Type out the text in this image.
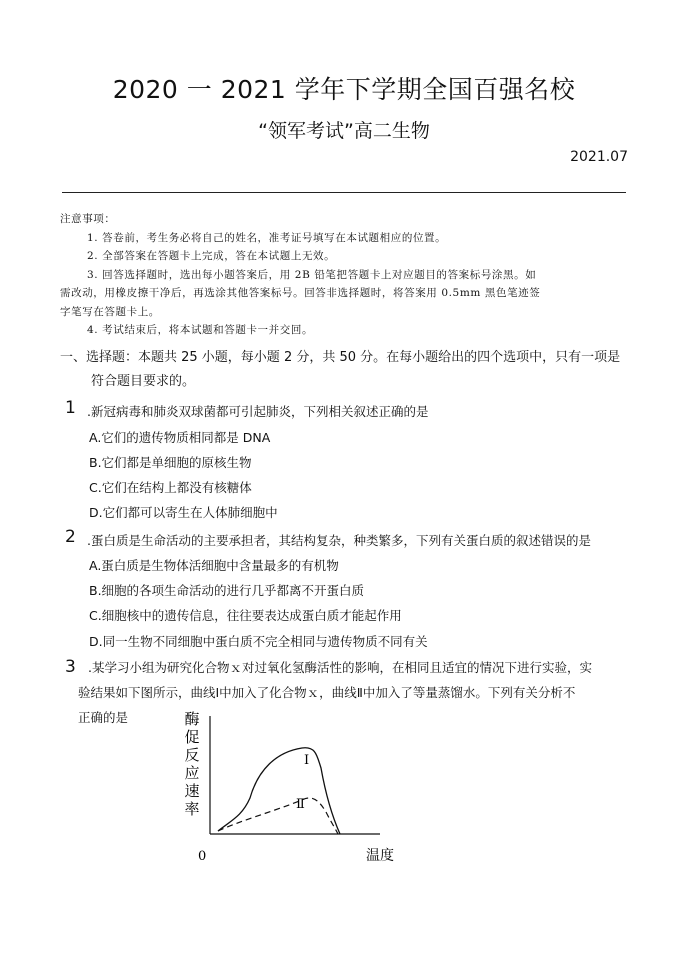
2020 一 2021 学年下学期全国百强名校
“领军考试”高二生物
2021.07
注意事项：
1. 答卷前，考生务必将自己的姓名，准考证号填写在本试题相应的位置。
2. 全部答案在答题卡上完成，答在本试题上无效。
3. 回答选择题时，选出每小题答案后，用 2B 铅笔把答题卡上对应题目的答案标号涂黑。如
需改动，用橡皮擦干净后，再选涂其他答案标号。回答非选择题时，将答案用 0.5mm 黑色笔迹签
字笔写在答题卡上。
4. 考试结束后，将本试题和答题卡一并交回。
一、选择题：本题共 25 小题，每小题 2 分，共 50 分。在每小题给出的四个选项中，只有一项是
符合题目要求的。
1 .新冠病毒和肺炎双球菌都可引起肺炎，下列相关叙述正确的是
A.它们的遗传物质相同都是 DNA
B.它们都是单细胞的原核生物
C.它们在结构上都没有核糖体
D.它们都可以寄生在人体肺细胞中
2 .蛋白质是生命活动的主要承担者，其结构复杂，种类繁多，下列有关蛋白质的叙述错误的是
A.蛋白质是生物体活细胞中含量最多的有机物
B.细胞的各项生命活动的进行几乎都离不开蛋白质
C.细胞核中的遗传信息，往往要表达成蛋白质才能起作用
D.同一生物不同细胞中蛋白质不完全相同与遗传物质不同有关
3 .某学习小组为研究化合物ｘ对过氧化氢酶活性的影响，在相同且适宜的情况下进行实验，实
验结果如下图所示，曲线Ⅰ中加入了化合物ｘ，曲线Ⅱ中加入了等量蒸馏水。下列有关分析不
正确的是	酶
促
反
应
速
率
Ⅰ
Ⅱ
0	温度
